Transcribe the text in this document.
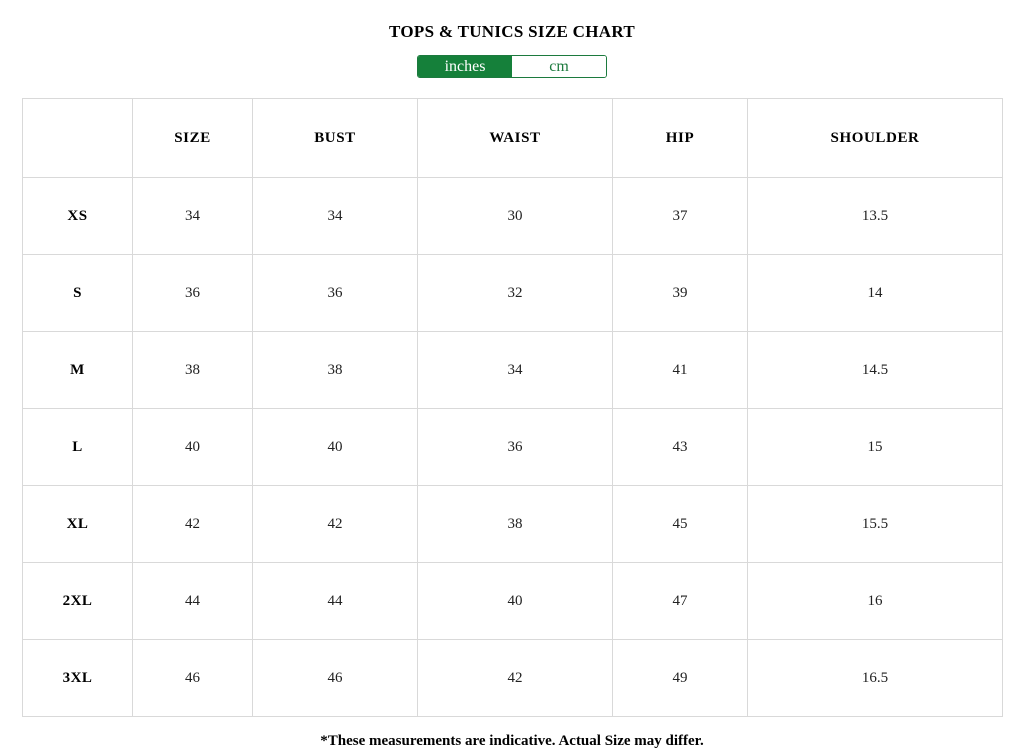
TOPS & TUNICS SIZE CHART
inches	cm
	SIZE	BUST	WAIST	HIP	SHOULDER
XS	34	34	30	37	13.5
S	36	36	32	39	14
M	38	38	34	41	14.5
L	40	40	36	43	15
XL	42	42	38	45	15.5
2XL	44	44	40	47	16
3XL	46	46	42	49	16.5
*These measurements are indicative. Actual Size may differ.
